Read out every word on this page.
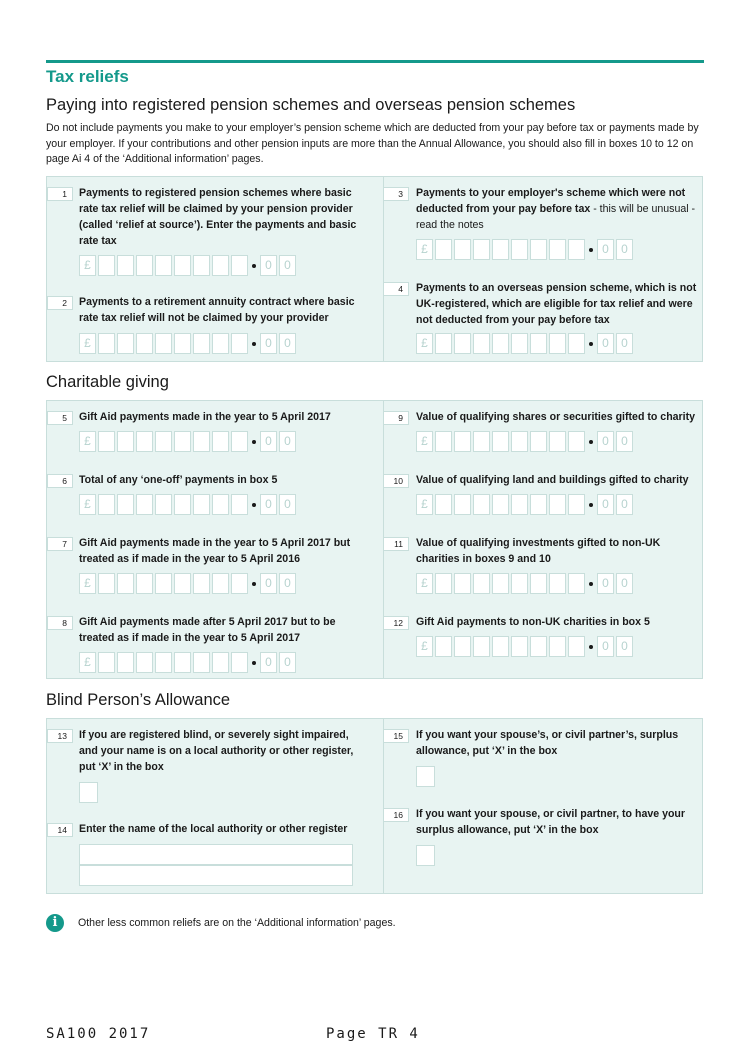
Tax reliefs
Paying into registered pension schemes and overseas pension schemes

Do not include payments you make to your employer’s pension scheme which are deducted from your pay before tax or payments made by your employer. If your contributions and other pension inputs are more than the Annual Allowance, you should also fill in boxes 10 to 12 on page Ai 4 of the ‘Additional information’ pages.

1	Payments to registered pension schemes where basic rate tax relief will be claimed by your pension provider (called ‘relief at source’). Enter the payments and basic rate tax

£	0	0
2	Payments to a retirement annuity contract where basic rate tax relief will not be claimed by your provider

£	0	0
3	Payments to your employer's scheme which were not deducted from your pay before tax - this will be unusual - read the notes

£	0	0
4	Payments to an overseas pension scheme, which is not UK-registered, which are eligible for tax relief and were not deducted from your pay before tax

£	0	0
Charitable giving
5	Gift Aid payments made in the year to 5 April 2017

£	0	0
6	Total of any ‘one-off’ payments in box 5

£	0	0
7	Gift Aid payments made in the year to 5 April 2017 but treated as if made in the year to 5 April 2016

£	0	0
8	Gift Aid payments made after 5 April 2017 but to be treated as if made in the year to 5 April 2017

£	0	0
9	Value of qualifying shares or securities gifted to charity

£	0	0
10	Value of qualifying land and buildings gifted to charity

£	0	0
11	Value of qualifying investments gifted to non-UK charities in boxes 9 and 10

£	0	0
12	Gift Aid payments to non-UK charities in box 5

£	0	0
Blind Person’s Allowance
13	If you are registered blind, or severely sight impaired, and your name is on a local authority or other register, put ‘X’ in the box

14	Enter the name of the local authority or other register

15	If you want your spouse’s, or civil partner’s, surplus allowance, put ‘X’ in the box

16	If you want your spouse, or civil partner, to have your surplus allowance, put ‘X’ in the box

i	Other less common reliefs are on the ‘Additional information’ pages.
SA100 2017	Page TR 4
